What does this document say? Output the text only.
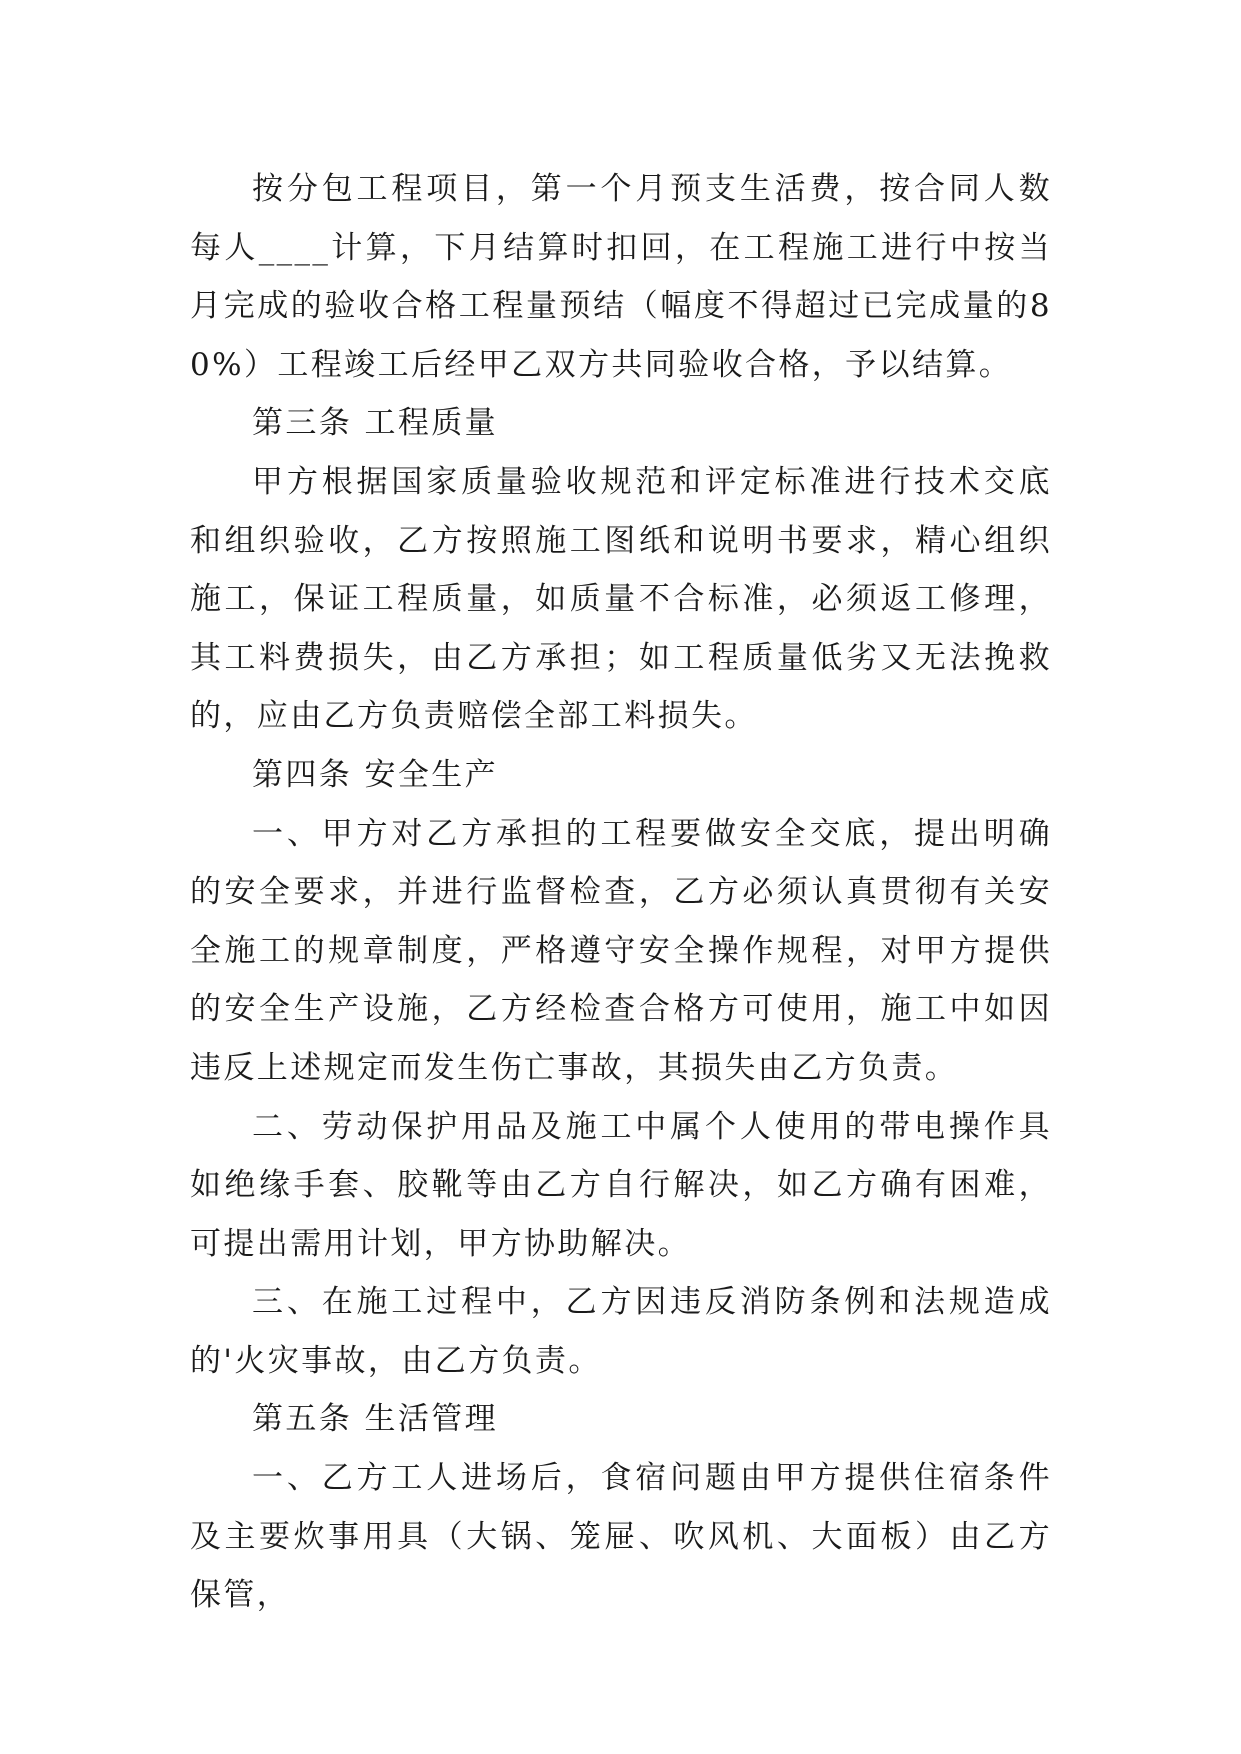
按分包工程项目，第一个月预支生活费，按合同人数每人____计算，下月结算时扣回，在工程施工进行中按当月完成的验收合格工程量预结（幅度不得超过已完成量的80%）工程竣工后经甲乙双方共同验收合格，予以结算。

第三条 工程质量

甲方根据国家质量验收规范和评定标准进行技术交底和组织验收，乙方按照施工图纸和说明书要求，精心组织施工，保证工程质量，如质量不合标准，必须返工修理，其工料费损失，由乙方承担；如工程质量低劣又无法挽救的，应由乙方负责赔偿全部工料损失。

第四条 安全生产

一、甲方对乙方承担的工程要做安全交底，提出明确的安全要求，并进行监督检查，乙方必须认真贯彻有关安全施工的规章制度，严格遵守安全操作规程，对甲方提供的安全生产设施，乙方经检查合格方可使用，施工中如因违反上述规定而发生伤亡事故，其损失由乙方负责。

二、劳动保护用品及施工中属个人使用的带电操作具如绝缘手套、胶靴等由乙方自行解决，如乙方确有困难，可提出需用计划，甲方协助解决。

三、在施工过程中，乙方因违反消防条例和法规造成的'火灾事故，由乙方负责。

第五条 生活管理

一、乙方工人进场后，食宿问题由甲方提供住宿条件及主要炊事用具（大锅、笼屉、吹风机、大面板）由乙方保管，
